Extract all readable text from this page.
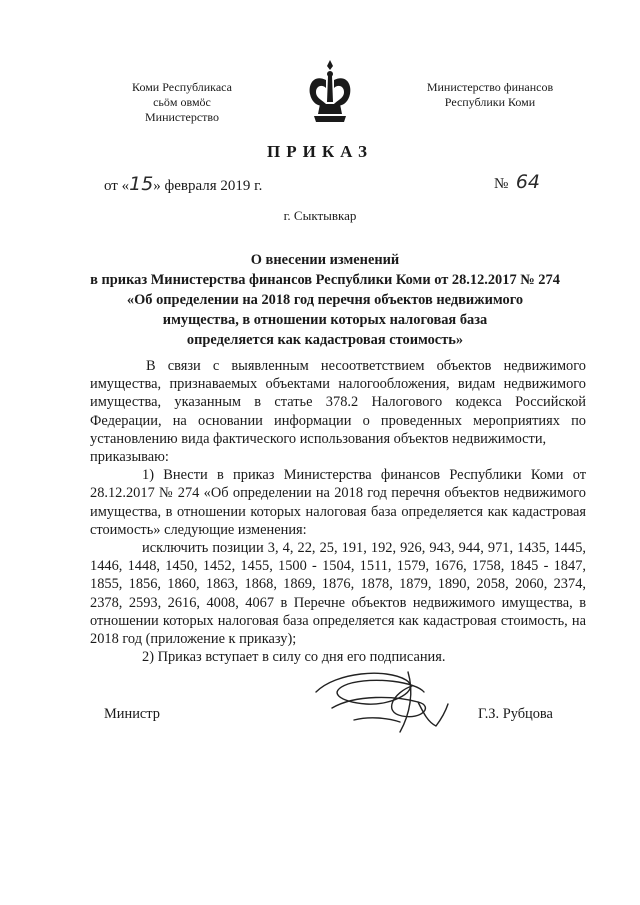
Коми Республикаса
сьӧм овмӧс
Министерство
Министерство финансов
Республики Коми
ПРИКАЗ
от «15» февраля 2019 г.	№ 64
г. Сыктывкар
О внесении изменений
в приказ Министерства финансов Республики Коми от 28.12.2017 № 274
«Об определении на 2018 год перечня объектов недвижимого
имущества, в отношении которых налоговая база
определяется как кадастровая стоимость»

В связи с выявленным несоответствием объектов недвижимого имущества, признаваемых объектами налогообложения, видам недвижимого имущества, указанным в статье 378.2 Налогового кодекса Российской Федерации, на основании информации о проведенных мероприятиях по установлению вида фактического использования объектов недвижимости,

приказываю:

1) Внести в приказ Министерства финансов Республики Коми от 28.12.2017 № 274 «Об определении на 2018 год перечня объектов недвижимого имущества, в отношении которых налоговая база определяется как кадастровая стоимость» следующие изменения:

исключить позиции 3, 4, 22, 25, 191, 192, 926, 943, 944, 971, 1435, 1445, 1446, 1448, 1450, 1452, 1455, 1500 - 1504, 1511, 1579, 1676, 1758, 1845 - 1847, 1855, 1856, 1860, 1863, 1868, 1869, 1876, 1878, 1879, 1890, 2058, 2060, 2374, 2378, 2593, 2616, 4008, 4067 в Перечне объектов недвижимого имущества, в отношении которых налоговая база определяется как кадастровая стоимость, на 2018 год (приложение к приказу);

2) Приказ вступает в силу со дня его подписания.

Министр	Г.З. Рубцова
